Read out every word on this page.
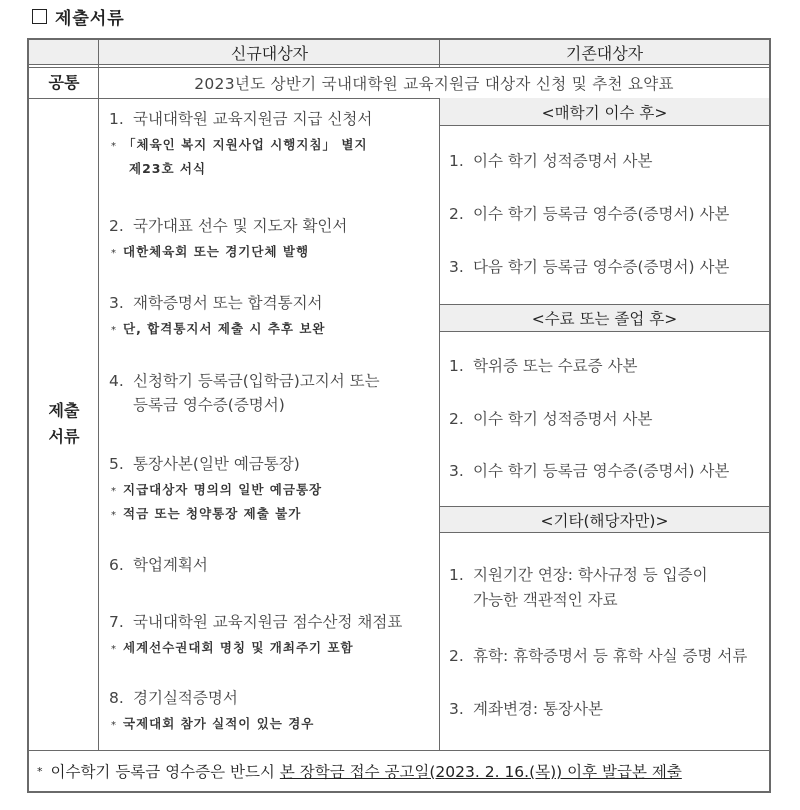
제출서류
신규대상자	기존대상자
공통	2023년도 상반기 국내대학원 교육지원금 대상자 신청 및 추천 요약표
제출
서류
1. 국내대학원 교육지원금 지급 신청서
* 「체육인 복지 지원사업 시행지침」 별지
제23호 서식
2. 국가대표 선수 및 지도자 확인서
* 대한체육회 또는 경기단체 발행
3. 재학증명서 또는 합격통지서
* 단, 합격통지서 제출 시 추후 보완
4. 신청학기 등록금(입학금)고지서 또는
등록금 영수증(증명서)
5. 통장사본(일반 예금통장)
* 지급대상자 명의의 일반 예금통장
* 적금 또는 청약통장 제출 불가
6. 학업계획서
7. 국내대학원 교육지원금 점수산정 채점표
* 세계선수권대회 명칭 및 개최주기 포함
8. 경기실적증명서
* 국제대회 참가 실적이 있는 경우
<매학기 이수 후>
1. 이수 학기 성적증명서 사본
2. 이수 학기 등록금 영수증(증명서) 사본
3. 다음 학기 등록금 영수증(증명서) 사본
<수료 또는 졸업 후>
1. 학위증 또는 수료증 사본
2. 이수 학기 성적증명서 사본
3. 이수 학기 등록금 영수증(증명서) 사본
<기타(해당자만)>
1. 지원기간 연장: 학사규정 등 입증이
가능한 객관적인 자료
2. 휴학: 휴학증명서 등 휴학 사실 증명 서류
3. 계좌변경: 통장사본
* 이수학기 등록금 영수증은 반드시 본 장학금 접수 공고일(2023. 2. 16.(목)) 이후 발급본 제출
